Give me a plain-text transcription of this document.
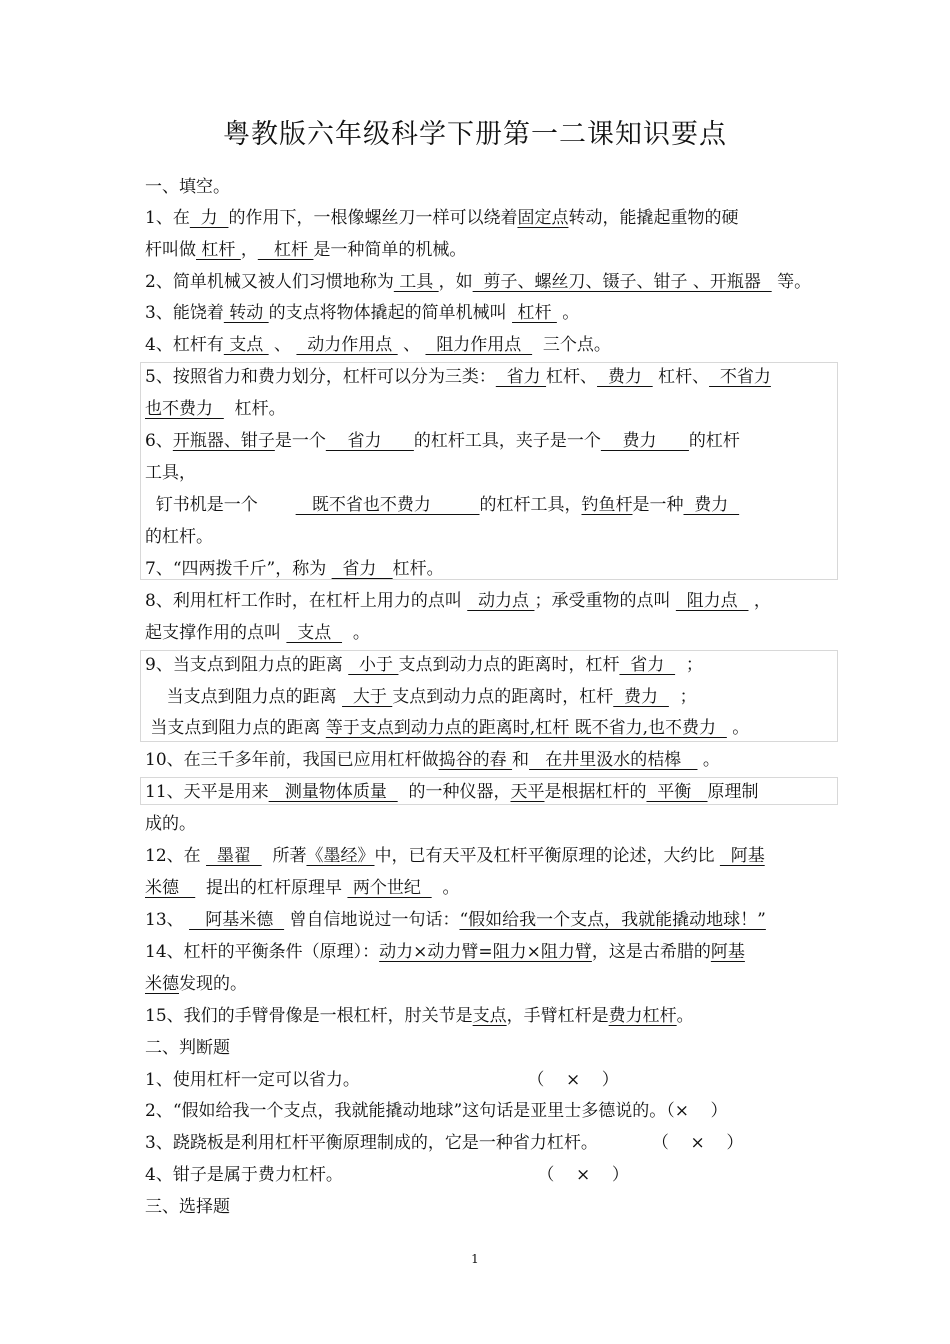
粤教版六年级科学下册第一二课知识要点
一、填空。
1、在  力  的作用下，一根像螺丝刀一样可以绕着固定点转动，能撬起重物的硬
杆叫做 杠杆 ，   杠杆 是一种简单的机械。
2、简单机械又被人们习惯地称为 工具 ，如  剪子、螺丝刀、镊子、钳子 、开瓶器   等。
3、能饶着 转动 的支点将物体撬起的简单机械叫  杠杆  。
4、杠杆有 支点  、   动力作用点  、   阻力作用点    三个点。
5、按照省力和费力划分，杠杆可以分为三类：  省力 杠杆、  费力   杠杆、  不省力
也不费力    杠杆。
6、开瓶器、钳子是一个    省力      的杠杆工具，夹子是一个    费力      的杠杆
工具，
钉书机是一个          既不省也不费力         的杠杆工具，钓鱼杆是一种  费力
的杠杆。
7、“四两拨千斤”，称为   省力   杠杆。
8、利用杠杆工作时，在杠杆上用力的点叫   动力点 ；承受重物的点叫   阻力点   ，
起支撑作用的点叫   支点    。
9、当支点到阻力点的距离   小于 支点到动力点的距离时，杠杆  省力    ；
当支点到阻力点的距离   大于 支点到动力点的距离时，杠杆  费力    ；
当支点到阻力点的距离 等于支点到动力点的距离时,杠杆 既不省力,也不费力   。
10、在三千多年前，我国已应用杠杆做捣谷的舂 和   在井里汲水的桔槔    。
11、天平是用来   测量物体质量    的一种仪器，天平是根据杠杆的  平衡   原理制
成的。
12、在   墨翟    所著《墨经》中，已有天平及杠杆平衡原理的论述，大约比   阿基
米德     提出的杠杆原理早  两个世纪    。
13、    阿基米德   曾自信地说过一句话：“假如给我一个支点，我就能撬动地球！”
14、杠杆的平衡条件（原理）：动力×动力臂=阻力×阻力臂，这是古希腊的阿基
米德发现的。
15、我们的手臂骨像是一根杠杆，肘关节是支点，手臂杠杆是费力杠杆。
二、判断题
1、使用杠杆一定可以省力。                               （    ×    ）
2、“假如给我一个支点，我就能撬动地球”这句话是亚里士多德说的。（×    ）
3、跷跷板是利用杠杆平衡原理制成的，它是一种省力杠杆。          （    ×    ）
4、钳子是属于费力杠杆。                                    （    ×    ）
三、选择题
1
